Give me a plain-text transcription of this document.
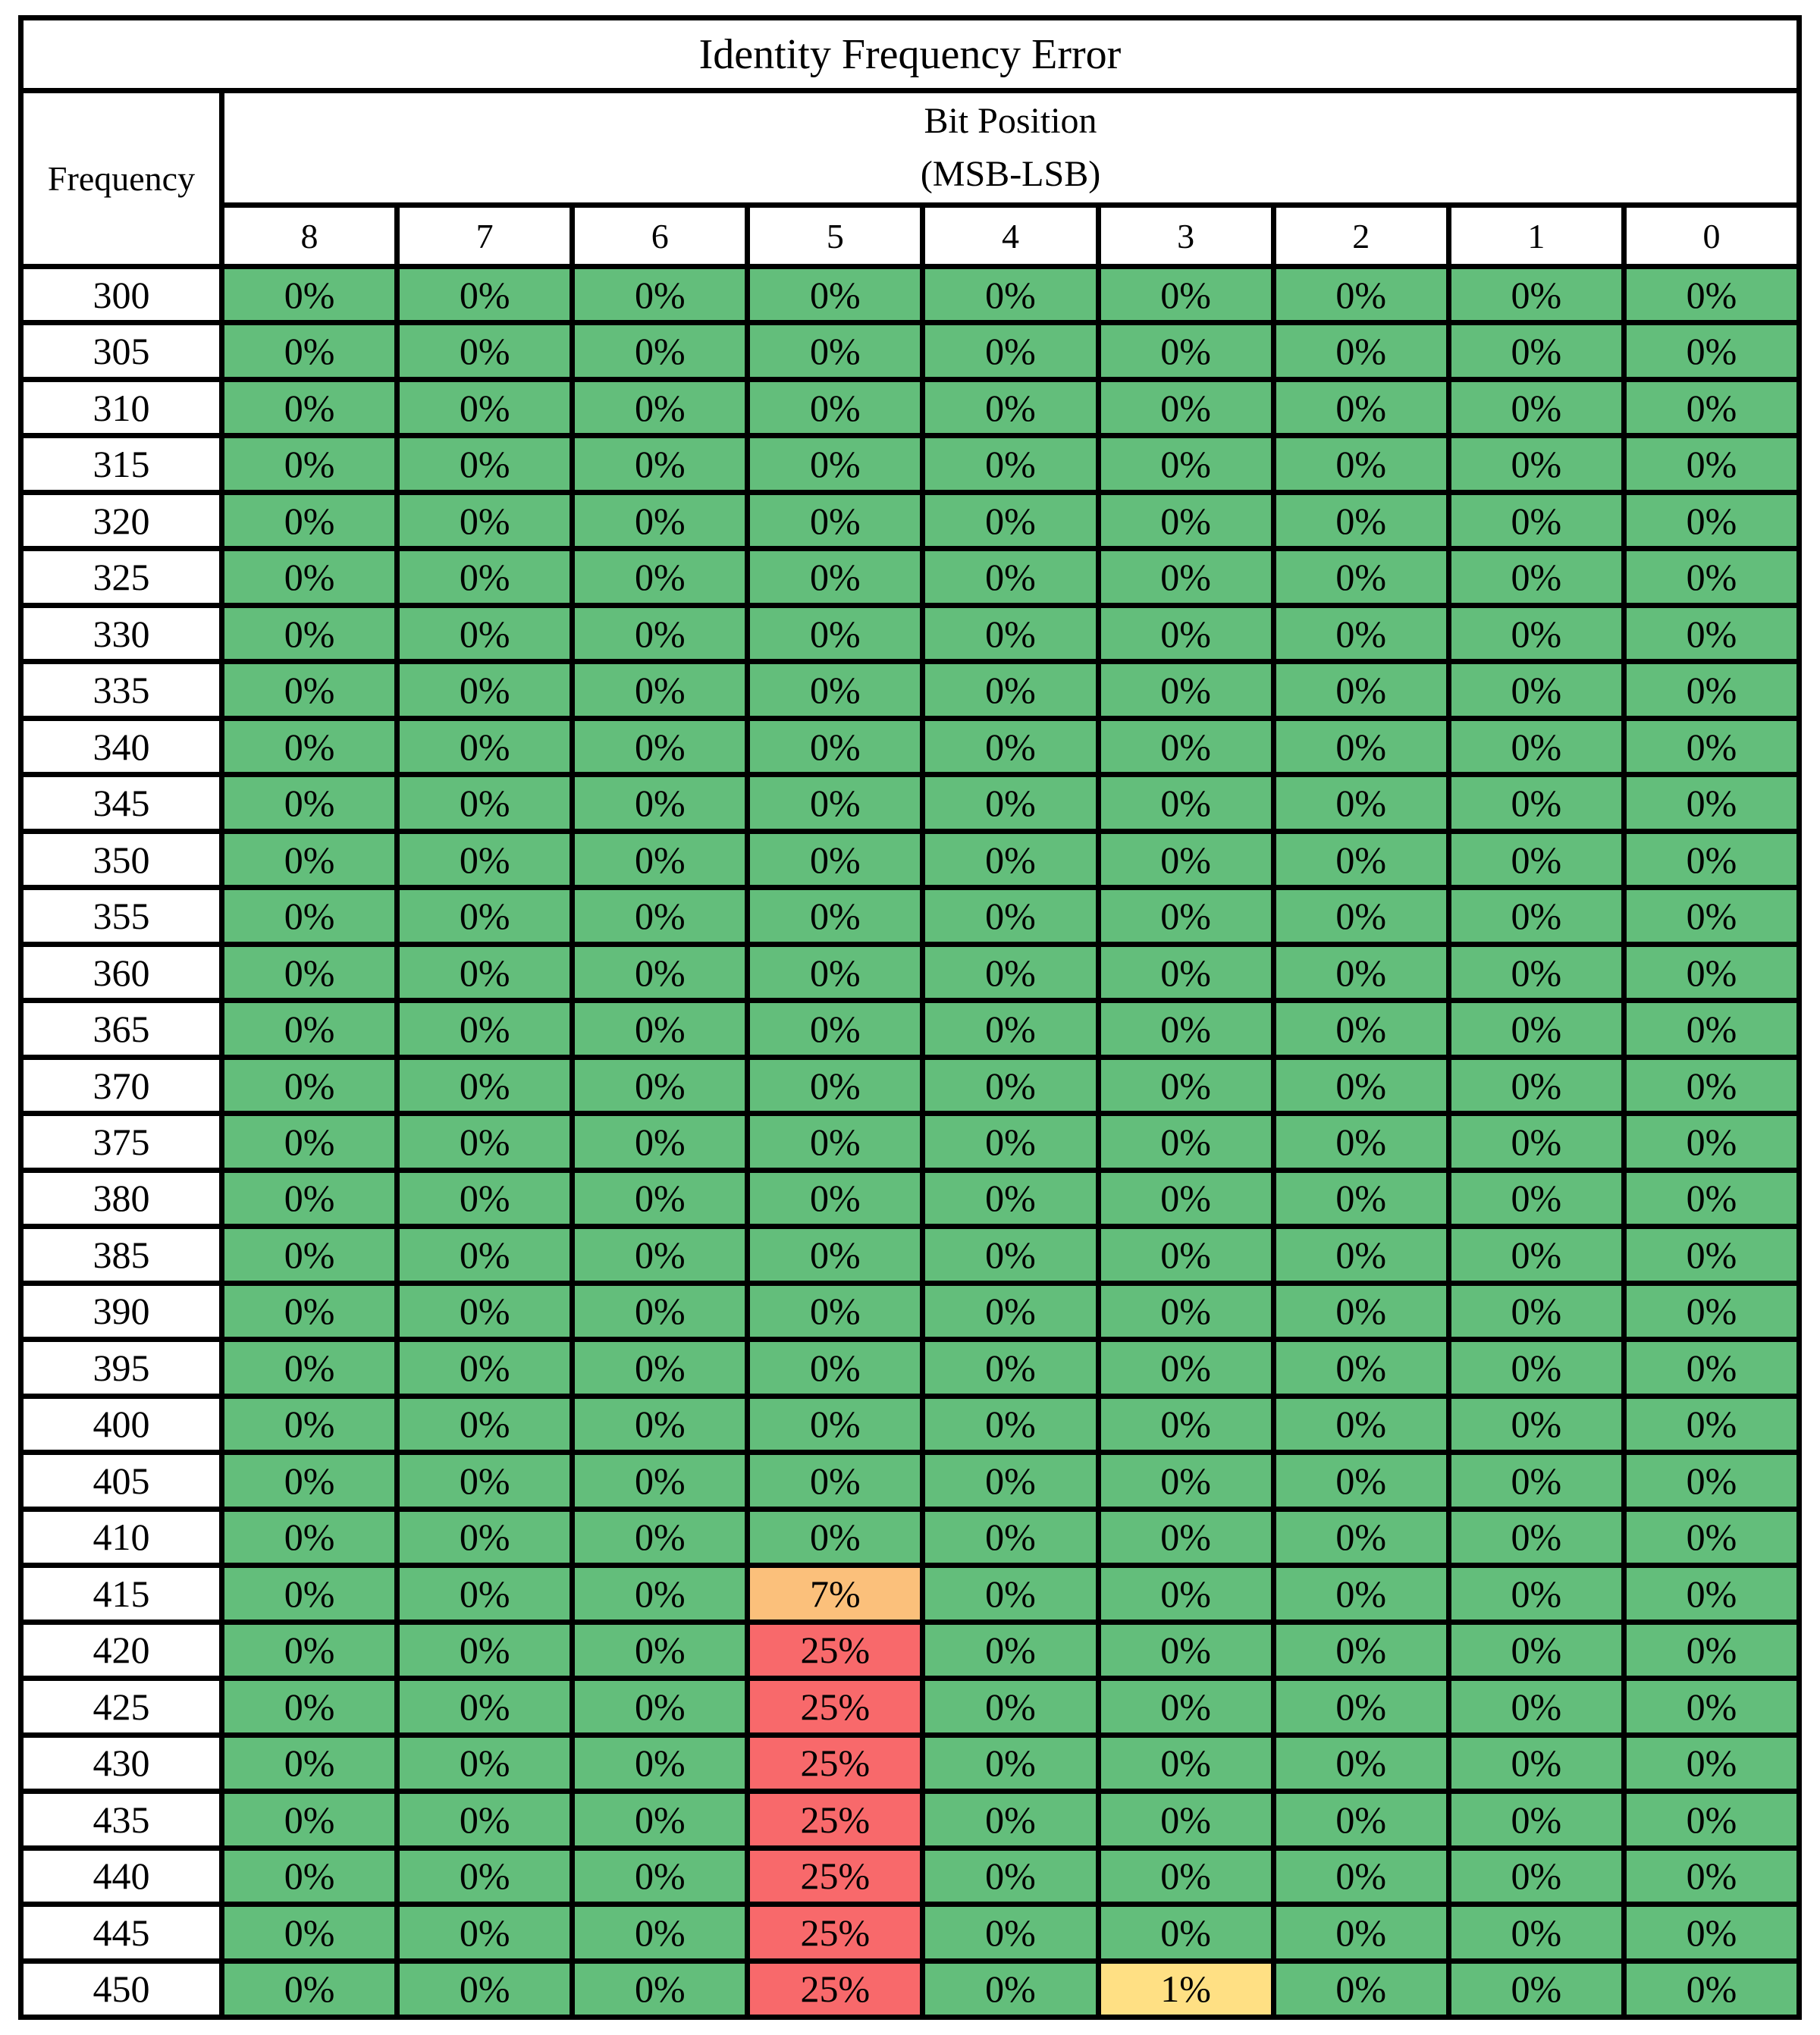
Identity Frequency Error
Frequency
Bit Position
(MSB-LSB)
8	7	6	5	4	3	2	1	0
300	0%	0%	0%	0%	0%	0%	0%	0%	0%
305	0%	0%	0%	0%	0%	0%	0%	0%	0%
310	0%	0%	0%	0%	0%	0%	0%	0%	0%
315	0%	0%	0%	0%	0%	0%	0%	0%	0%
320	0%	0%	0%	0%	0%	0%	0%	0%	0%
325	0%	0%	0%	0%	0%	0%	0%	0%	0%
330	0%	0%	0%	0%	0%	0%	0%	0%	0%
335	0%	0%	0%	0%	0%	0%	0%	0%	0%
340	0%	0%	0%	0%	0%	0%	0%	0%	0%
345	0%	0%	0%	0%	0%	0%	0%	0%	0%
350	0%	0%	0%	0%	0%	0%	0%	0%	0%
355	0%	0%	0%	0%	0%	0%	0%	0%	0%
360	0%	0%	0%	0%	0%	0%	0%	0%	0%
365	0%	0%	0%	0%	0%	0%	0%	0%	0%
370	0%	0%	0%	0%	0%	0%	0%	0%	0%
375	0%	0%	0%	0%	0%	0%	0%	0%	0%
380	0%	0%	0%	0%	0%	0%	0%	0%	0%
385	0%	0%	0%	0%	0%	0%	0%	0%	0%
390	0%	0%	0%	0%	0%	0%	0%	0%	0%
395	0%	0%	0%	0%	0%	0%	0%	0%	0%
400	0%	0%	0%	0%	0%	0%	0%	0%	0%
405	0%	0%	0%	0%	0%	0%	0%	0%	0%
410	0%	0%	0%	0%	0%	0%	0%	0%	0%
415	0%	0%	0%	7%	0%	0%	0%	0%	0%
420	0%	0%	0%	25%	0%	0%	0%	0%	0%
425	0%	0%	0%	25%	0%	0%	0%	0%	0%
430	0%	0%	0%	25%	0%	0%	0%	0%	0%
435	0%	0%	0%	25%	0%	0%	0%	0%	0%
440	0%	0%	0%	25%	0%	0%	0%	0%	0%
445	0%	0%	0%	25%	0%	0%	0%	0%	0%
450	0%	0%	0%	25%	0%	1%	0%	0%	0%
